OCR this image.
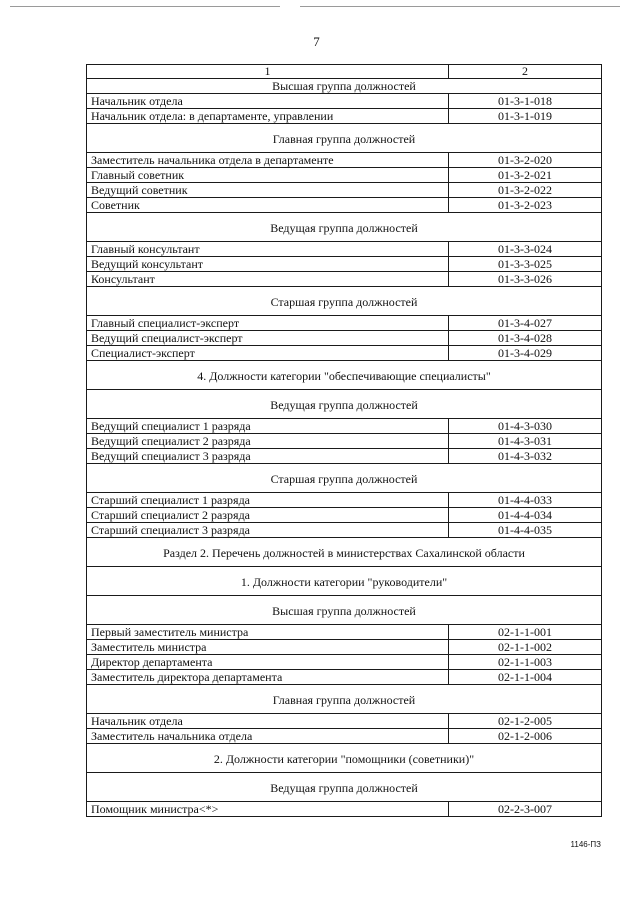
7
1	2
Высшая группа должностей	
Начальник отдела	01-3-1-018
Начальник отдела: в департаменте, управлении	01-3-1-019
Главная группа должностей	
Заместитель начальника отдела в департаменте	01-3-2-020
Главный советник	01-3-2-021
Ведущий советник	01-3-2-022
Советник	01-3-2-023
Ведущая группа должностей	
Главный консультант	01-3-3-024
Ведущий консультант	01-3-3-025
Консультант	01-3-3-026
Старшая группа должностей	
Главный специалист-эксперт	01-3-4-027
Ведущий специалист-эксперт	01-3-4-028
Специалист-эксперт	01-3-4-029
4. Должности категории "обеспечивающие специалисты"	
Ведущая группа должностей	
Ведущий специалист 1 разряда	01-4-3-030
Ведущий специалист 2 разряда	01-4-3-031
Ведущий специалист 3 разряда	01-4-3-032
Старшая группа должностей	
Старший специалист 1 разряда	01-4-4-033
Старший специалист 2 разряда	01-4-4-034
Старший специалист 3 разряда	01-4-4-035
Раздел 2. Перечень должностей в министерствах Сахалинской области	
1. Должности категории "руководители"	
Высшая группа должностей	
Первый заместитель министра	02-1-1-001
Заместитель министра	02-1-1-002
Директор департамента	02-1-1-003
Заместитель директора департамента	02-1-1-004
Главная группа должностей	
Начальник отдела	02-1-2-005
Заместитель начальника отдела	02-1-2-006
2. Должности категории "помощники (советники)"	
Ведущая группа должностей	
Помощник министра<*>	02-2-3-007
1146-ПЗ
